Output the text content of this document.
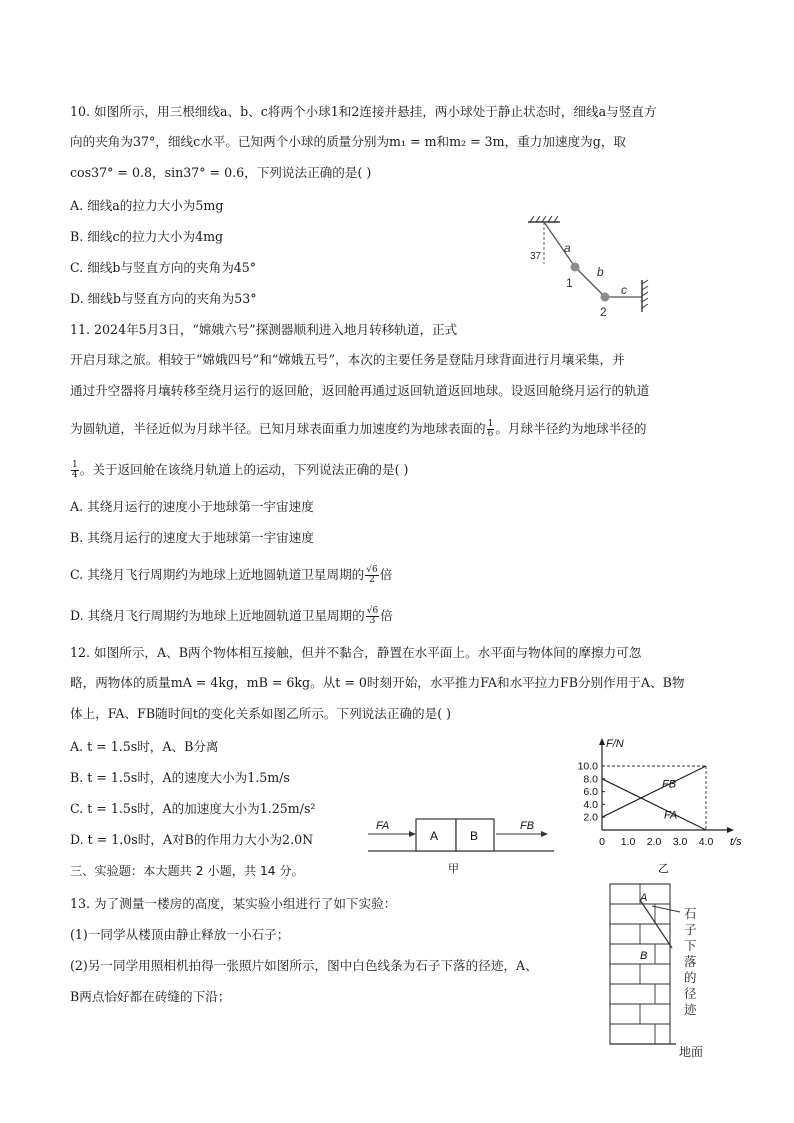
10. 如图所示，用三根细线a、b、c将两个小球1和2连接并悬挂，两小球处于静止状态时，细线a与竖直方
向的夹角为37°，细线c水平。已知两个小球的质量分别为m₁ = m和m₂ = 3m，重力加速度为g，取
cos37° = 0.8，sin37° = 0.6，下列说法正确的是( )
A. 细线a的拉力大小为5mg
B. 细线c的拉力大小为4mg
C. 细线b与竖直方向的夹角为45°
D. 细线b与竖直方向的夹角为53°
37
a
b
c
1
2
11. 2024年5月3日，“嫦娥六号”探测器顺利进入地月转移轨道，正式
开启月球之旅。相较于“嫦娥四号”和“嫦娥五号”，本次的主要任务是登陆月球背面进行月壤采集，并
通过升空器将月壤转移至绕月运行的返回舱，返回舱再通过返回轨道返回地球。设返回舱绕月运行的轨道
为圆轨道，半径近似为月球半径。已知月球表面重力加速度约为地球表面的 $\frac{1}{6}$ 。月球半径约为地球半径的
$\frac{1}{4}$ 。关于返回舱在该绕月轨道上的运动，下列说法正确的是( )
A. 其绕月运行的速度小于地球第一宇宙速度
B. 其绕月运行的速度大于地球第一宇宙速度
C. 其绕月飞行周期约为地球上近地圆轨道卫星周期的 $\frac{√6}{2}$ 倍
D. 其绕月飞行周期约为地球上近地圆轨道卫星周期的 $\frac{√6}{3}$ 倍
12. 如图所示，A、B两个物体相互接触，但并不黏合，静置在水平面上。水平面与物体间的摩擦力可忽
略，两物体的质量mA = 4kg，mB = 6kg。从t = 0时刻开始，水平推力FA和水平拉力FB分别作用于A、B物
体上，FA、FB随时间t的变化关系如图乙所示。下列说法正确的是( )
A. t = 1.5s时，A、B分离
B. t = 1.5s时，A的速度大小为1.5m/s
C. t = 1.5s时，A的加速度大小为1.25m/s²
D. t = 1.0s时，A对B的作用力大小为2.0N	A	B
FA	FB
甲
0 1.0 2.0 3.0 4.0
2.0
4.0
6.0
8.0
10.0
F/N
t/s
FA
FB
乙
三、实验题：本大题共 2 小题，共 14 分。
13. 为了测量一楼房的高度，某实验小组进行了如下实验：
(1)一同学从楼顶由静止释放一小石子；
(2)另一同学用照相机拍得一张照片如图所示，图中白色线条为石子下落的径迹，A、
B两点恰好都在砖缝的下沿；
A
B
石子下落的径迹
地面
